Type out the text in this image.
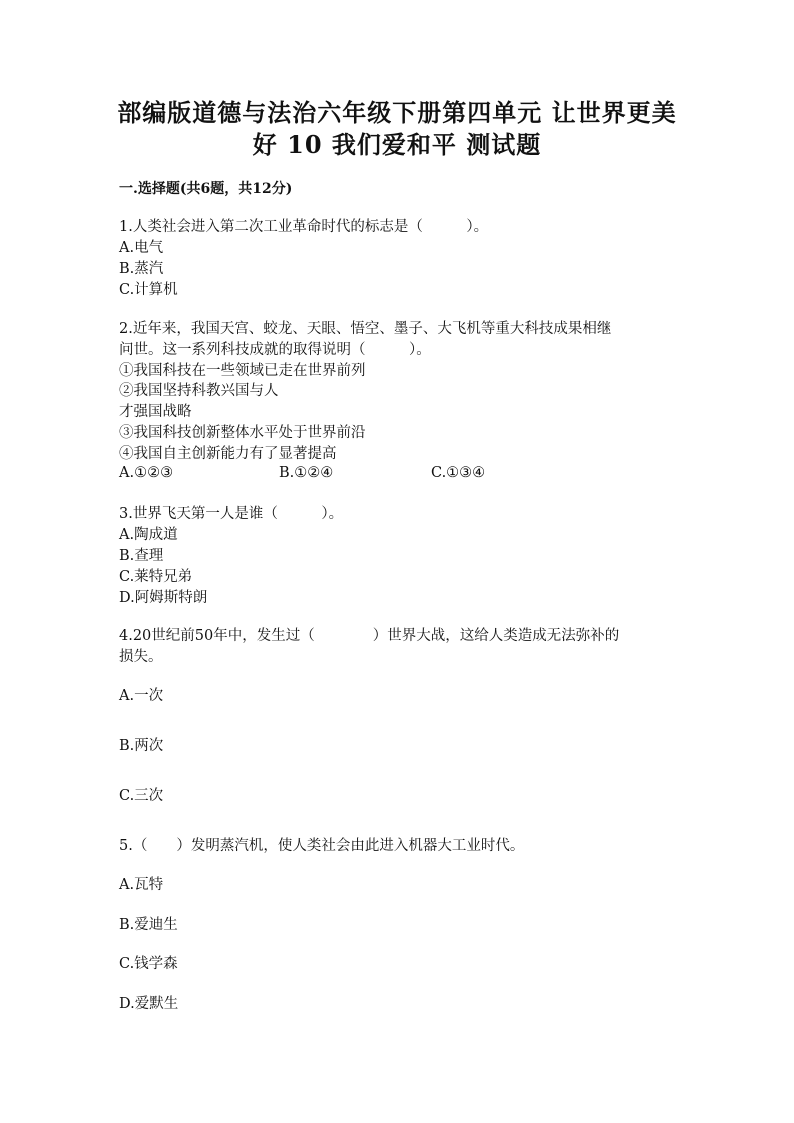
部编版道德与法治六年级下册第四单元 让世界更美
好 10 我们爱和平 测试题
一.选择题(共6题，共12分)
1.人类社会进入第二次工业革命时代的标志是（　　　）。
A.电气
B.蒸汽
C.计算机
2.近年来，我国天宫、蛟龙、天眼、悟空、墨子、大飞机等重大科技成果相继
问世。这一系列科技成就的取得说明（　　　）。
①我国科技在一些领域已走在世界前列
②我国坚持科教兴国与人
才强国战略
③我国科技创新整体水平处于世界前沿
④我国自主创新能力有了显著提高
A.①②③	B.①②④	C.①③④
3.世界飞天第一人是谁（　　　）。
A.陶成道
B.查理
C.莱特兄弟
D.阿姆斯特朗
4.20世纪前50年中，发生过（　　　　）世界大战，这给人类造成无法弥补的
损失。
A.一次
B.两次
C.三次
5.（　　）发明蒸汽机，使人类社会由此进入机器大工业时代。
A.瓦特
B.爱迪生
C.钱学森
D.爱默生
